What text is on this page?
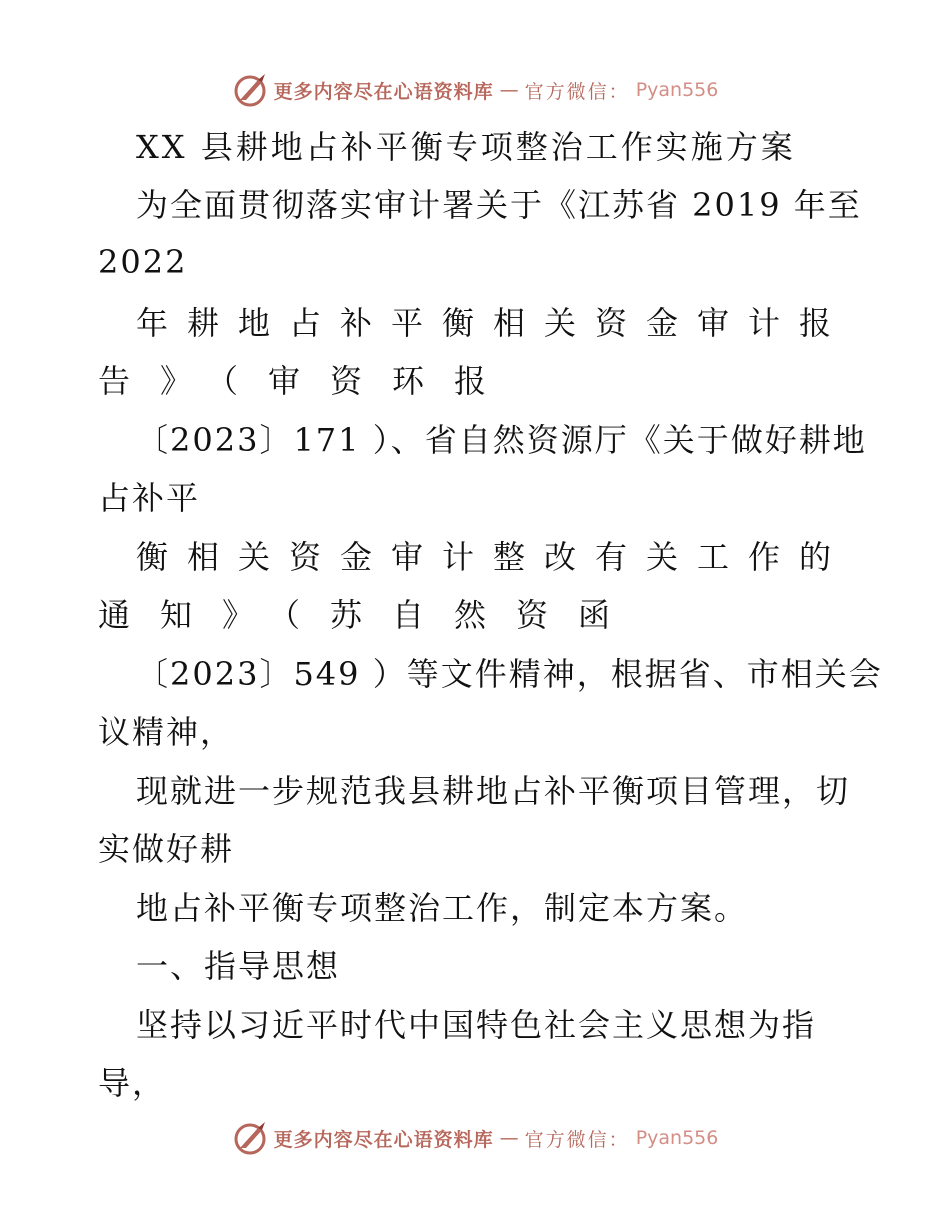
更多内容尽在心语资料库 — 官方微信： Pyan556
XX 县耕地占补平衡专项整治工作实施方案
为全面贯彻落实审计署关于《江苏省 2019 年至
2022
年耕地占补平衡相关资金审计报
告》（审资环报
〔2023〕171 ）、省自然资源厅《关于做好耕地
占补平
衡相关资金审计整改有关工作的
通知》（苏自然资函
〔2023〕549 ）等文件精神，根据省、市相关会
议精神，
现就进一步规范我县耕地占补平衡项目管理，切
实做好耕
地占补平衡专项整治工作，制定本方案。
一、指导思想
坚持以习近平时代中国特色社会主义思想为指
导，
更多内容尽在心语资料库 — 官方微信： Pyan556
